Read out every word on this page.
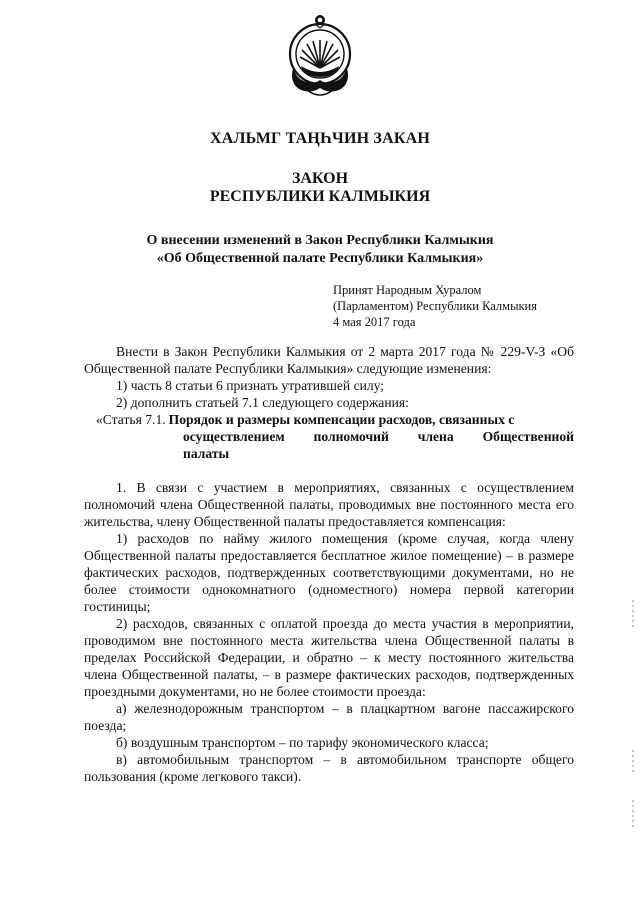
ХАЛЬМГ ТАҢҺЧИН ЗАКАН
ЗАКОН
РЕСПУБЛИКИ КАЛМЫКИЯ
О внесении изменений в Закон Республики Калмыкия
«Об Общественной палате Республики Калмыкия»
Принят Народным Хуралом
(Парламентом) Республики Калмыкия
4 мая 2017 года

Внести в Закон Республики Калмыкия от 2 марта 2017 года № 229-V-З «Об Общественной палате Республики Калмыкия» следующие изменения:

1) часть 8 статьи 6 признать утратившей силу;

2) дополнить статьей 7.1 следующего содержания:

«Статья 7.1. Порядок и размеры компенсации расходов, связанных с

осуществлением полномочий члена Общественной

палаты

1. В связи с участием в мероприятиях, связанных с осуществлением полномочий члена Общественной палаты, проводимых вне постоянного места его жительства, члену Общественной палаты предоставляется компенсация:

1) расходов по найму жилого помещения (кроме случая, когда члену Общественной палаты предоставляется бесплатное жилое помещение) – в размере фактических расходов, подтвержденных соответствующими документами, но не более стоимости однокомнатного (одноместного) номера первой категории гостиницы;

2) расходов, связанных с оплатой проезда до места участия в мероприятии, проводимом вне постоянного места жительства члена Общественной палаты в пределах Российской Федерации, и обратно – к месту постоянного жительства члена Общественной палаты, – в размере фактических расходов, подтвержденных проездными документами, но не более стоимости проезда:

а) железнодорожным транспортом – в плацкартном вагоне пассажирского поезда;

б) воздушным транспортом – по тарифу экономического класса;

в) автомобильным транспортом – в автомобильном транспорте общего пользования (кроме легкового такси).
